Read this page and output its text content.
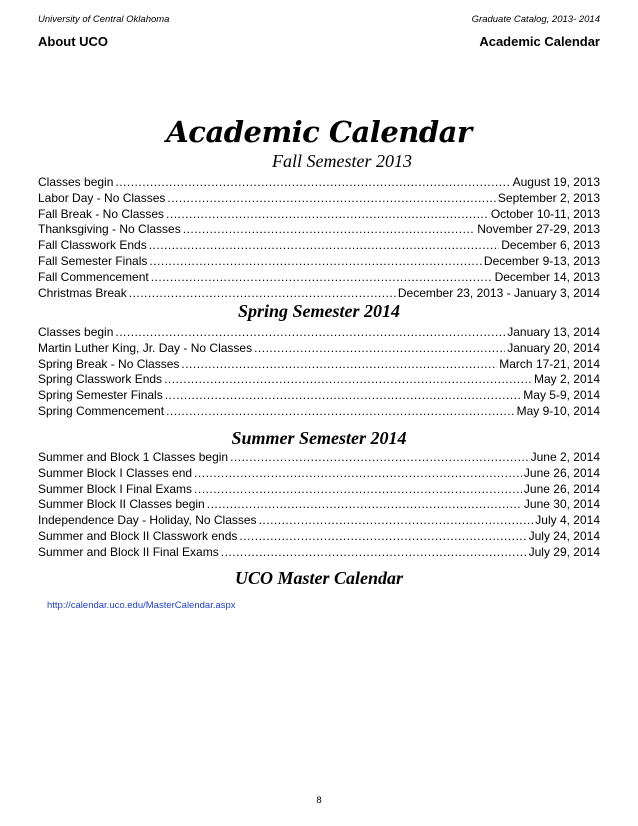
University of Central Oklahoma	Graduate Catalog, 2013- 2014
About UCO	Academic Calendar
Academic Calendar
Fall Semester 2013
Classes begin .....	August 19, 2013
Labor Day - No Classes .....	September 2, 2013
Fall Break - No Classes .....	October 10-11, 2013
Thanksgiving - No Classes .....	November 27-29, 2013
Fall Classwork Ends .....	December 6, 2013
Fall Semester Finals .....	December 9-13, 2013
Fall Commencement .....	December 14, 2013
Christmas Break .....	December 23, 2013 - January 3, 2014
Spring Semester 2014
Classes begin .....	January 13, 2014
Martin Luther King, Jr. Day - No Classes .....	January 20, 2014
Spring Break - No Classes .....	March 17-21, 2014
Spring Classwork Ends .....	May 2, 2014
Spring Semester Finals .....	May 5-9, 2014
Spring Commencement .....	May 9-10, 2014
Summer Semester 2014
Summer and Block 1 Classes begin .....	June 2, 2014
Summer Block I Classes end .....	June 26, 2014
Summer Block I Final Exams .....	June 26, 2014
Summer Block II Classes begin .....	June 30, 2014
Independence Day - Holiday, No Classes .....	July 4, 2014
Summer and Block II Classwork ends .....	July 24, 2014
Summer and Block II Final Exams .....	July 29, 2014
UCO Master Calendar
http://calendar.uco.edu/MasterCalendar.aspx
8
